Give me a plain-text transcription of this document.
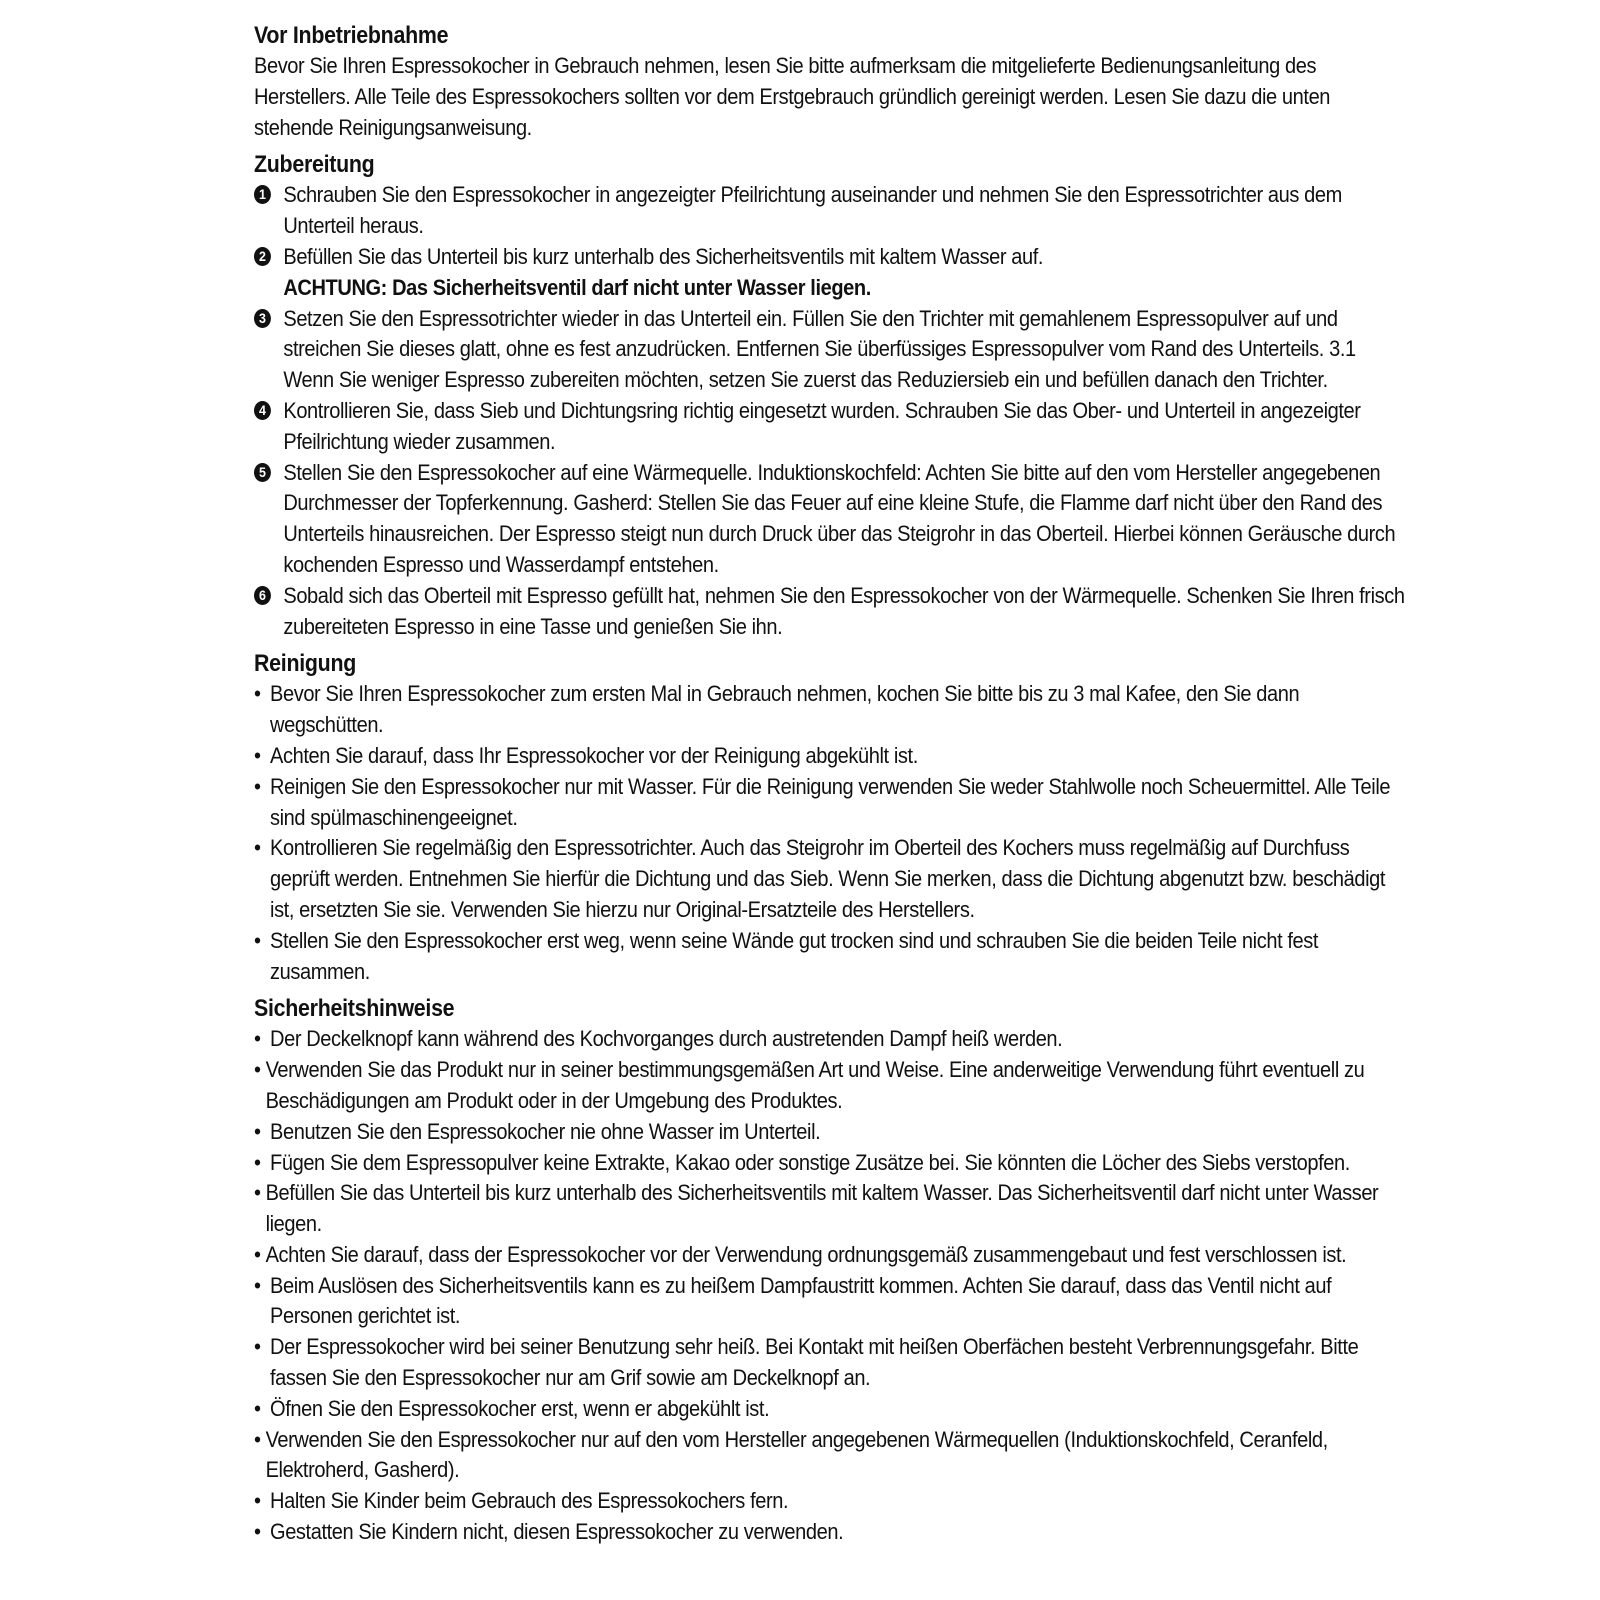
Vor Inbetriebnahme

Bevor Sie Ihren Espressokocher in Gebrauch nehmen, lesen Sie bitte aufmerksam die mitgelieferte Bedienungsanleitung des Herstellers. Alle Teile des Espressokochers sollten vor dem Erstgebrauch gründlich gereinigt werden. Lesen Sie dazu die unten stehende Reinigungsanweisung.

Zubereitung
1 Schrauben Sie den Espressokocher in angezeigter Pfeilrichtung auseinander und nehmen Sie den Espressotrichter aus dem Unterteil heraus.
2 Befüllen Sie das Unterteil bis kurz unterhalb des Sicherheitsventils mit kaltem Wasser auf.
ACHTUNG: Das Sicherheitsventil darf nicht unter Wasser liegen.
3 Setzen Sie den Espressotrichter wieder in das Unterteil ein. Füllen Sie den Trichter mit gemahlenem Espressopulver auf und streichen Sie dieses glatt, ohne es fest anzudrücken. Entfernen Sie überfüssiges Espressopulver vom Rand des Unterteils. 3.1 Wenn Sie weniger Espresso zubereiten möchten, setzen Sie zuerst das Reduziersieb ein und befüllen danach den Trichter.
4 Kontrollieren Sie, dass Sieb und Dichtungsring richtig eingesetzt wurden. Schrauben Sie das Ober- und Unterteil in angezeigter Pfeilrichtung wieder zusammen.
5 Stellen Sie den Espressokocher auf eine Wärmequelle. Induktionskochfeld: Achten Sie bitte auf den vom Hersteller angegebenen Durchmesser der Topferkennung. Gasherd: Stellen Sie das Feuer auf eine kleine Stufe, die Flamme darf nicht über den Rand des Unterteils hinausreichen. Der Espresso steigt nun durch Druck über das Steigrohr in das Oberteil. Hierbei können Geräusche durch kochenden Espresso und Wasserdampf entstehen.
6 Sobald sich das Oberteil mit Espresso gefüllt hat, nehmen Sie den Espressokocher von der Wärmequelle. Schenken Sie Ihren frisch zubereiteten Espresso in eine Tasse und genießen Sie ihn.
Reinigung
• Bevor Sie Ihren Espressokocher zum ersten Mal in Gebrauch nehmen, kochen Sie bitte bis zu 3 mal Kafee, den Sie dann wegschütten.
• Achten Sie darauf, dass Ihr Espressokocher vor der Reinigung abgekühlt ist.
• Reinigen Sie den Espressokocher nur mit Wasser. Für die Reinigung verwenden Sie weder Stahlwolle noch Scheuermittel. Alle Teile sind spülmaschinengeeignet.
• Kontrollieren Sie regelmäßig den Espressotrichter. Auch das Steigrohr im Oberteil des Kochers muss regelmäßig auf Durchfuss geprüft werden. Entnehmen Sie hierfür die Dichtung und das Sieb. Wenn Sie merken, dass die Dichtung abgenutzt bzw. beschädigt ist, ersetzten Sie sie. Verwenden Sie hierzu nur Original-Ersatzteile des Herstellers.
• Stellen Sie den Espressokocher erst weg, wenn seine Wände gut trocken sind und schrauben Sie die beiden Teile nicht fest zusammen.
Sicherheitshinweise
• Der Deckelknopf kann während des Kochvorganges durch austretenden Dampf heiß werden.
• Verwenden Sie das Produkt nur in seiner bestimmungsgemäßen Art und Weise. Eine anderweitige Verwendung führt eventuell zu Beschädigungen am Produkt oder in der Umgebung des Produktes.
• Benutzen Sie den Espressokocher nie ohne Wasser im Unterteil.
• Fügen Sie dem Espressopulver keine Extrakte, Kakao oder sonstige Zusätze bei. Sie könnten die Löcher des Siebs verstopfen.
• Befüllen Sie das Unterteil bis kurz unterhalb des Sicherheitsventils mit kaltem Wasser. Das Sicherheitsventil darf nicht unter Wasser liegen.
• Achten Sie darauf, dass der Espressokocher vor der Verwendung ordnungsgemäß zusammengebaut und fest verschlossen ist.
• Beim Auslösen des Sicherheitsventils kann es zu heißem Dampfaustritt kommen. Achten Sie darauf, dass das Ventil nicht auf Personen gerichtet ist.
• Der Espressokocher wird bei seiner Benutzung sehr heiß. Bei Kontakt mit heißen Oberfächen besteht Verbrennungsgefahr. Bitte fassen Sie den Espressokocher nur am Grif sowie am Deckelknopf an.
• Öfnen Sie den Espressokocher erst, wenn er abgekühlt ist.
• Verwenden Sie den Espressokocher nur auf den vom Hersteller angegebenen Wärmequellen (Induktionskochfeld, Ceranfeld, Elektroherd, Gasherd).
• Halten Sie Kinder beim Gebrauch des Espressokochers fern.
• Gestatten Sie Kindern nicht, diesen Espressokocher zu verwenden.
